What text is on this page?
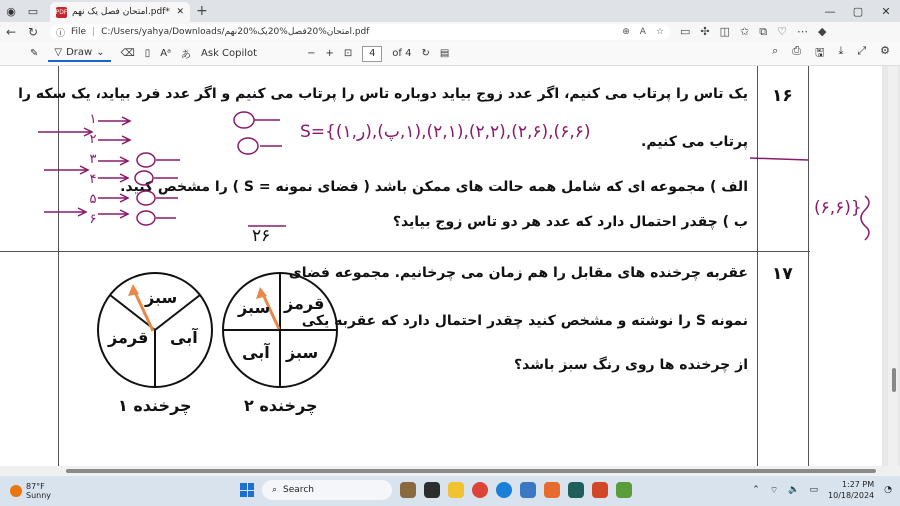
◉	▭	PDF امتحان فصل یک نهم.pdf* ✕ +	—	▢	✕
← ↻	ⓘ File | C:/Users/yahya/Downloads/امتحان%20فصل%20یک%20نهم.pdf	⊕ A ☆ ▭ ✣ ◫ ✩ ⧉ ♡ ⋯ ◆
✎ ▽ Draw ⌄ ⌫ ▯ Aᵃ あ Ask Copilot	− + ⊡	4	of 4 ↻ ▤	⌕ ⎙ 🖫 ⤓ ⤢ ⚙
۱۶
یک تاس را پرتاب می کنیم، اگر عدد زوج بیاید دوباره تاس را پرتاب می کنیم و اگر عدد فرد بیاید، یک سکه را
پرتاب می کنیم.
الف ) مجموعه ای که شامل همه حالت های ممکن باشد ( فضای نمونه = S ) را مشخص کنید.
ب ) چقدر احتمال دارد که عدد هر دو تاس زوج بیاید؟
۱۷
عقربه چرخنده های مقابل را هم زمان می چرخانیم. مجموعه فضای
نمونه S را نوشته و مشخص کنید چقدر احتمال دارد که عقربه یکی
از چرخنده ها روی رنگ سبز باشد؟
سبز
آبی
قرمز
قرمز
سبز
سبز
آبی
چرخنده ۱	چرخنده ۲
S={(۱,ر),(۱,پ),(۲,۱),(۲,۲),(۲,۶),(۶,۶)
(۶,۶)}
۲۶
۱
۲
۳
۴
۵
۶
87°F
Sunny
⌕ Search	⌃ ⌔ 🔈 ▭
1:27 PM
10/18/2024
◔
